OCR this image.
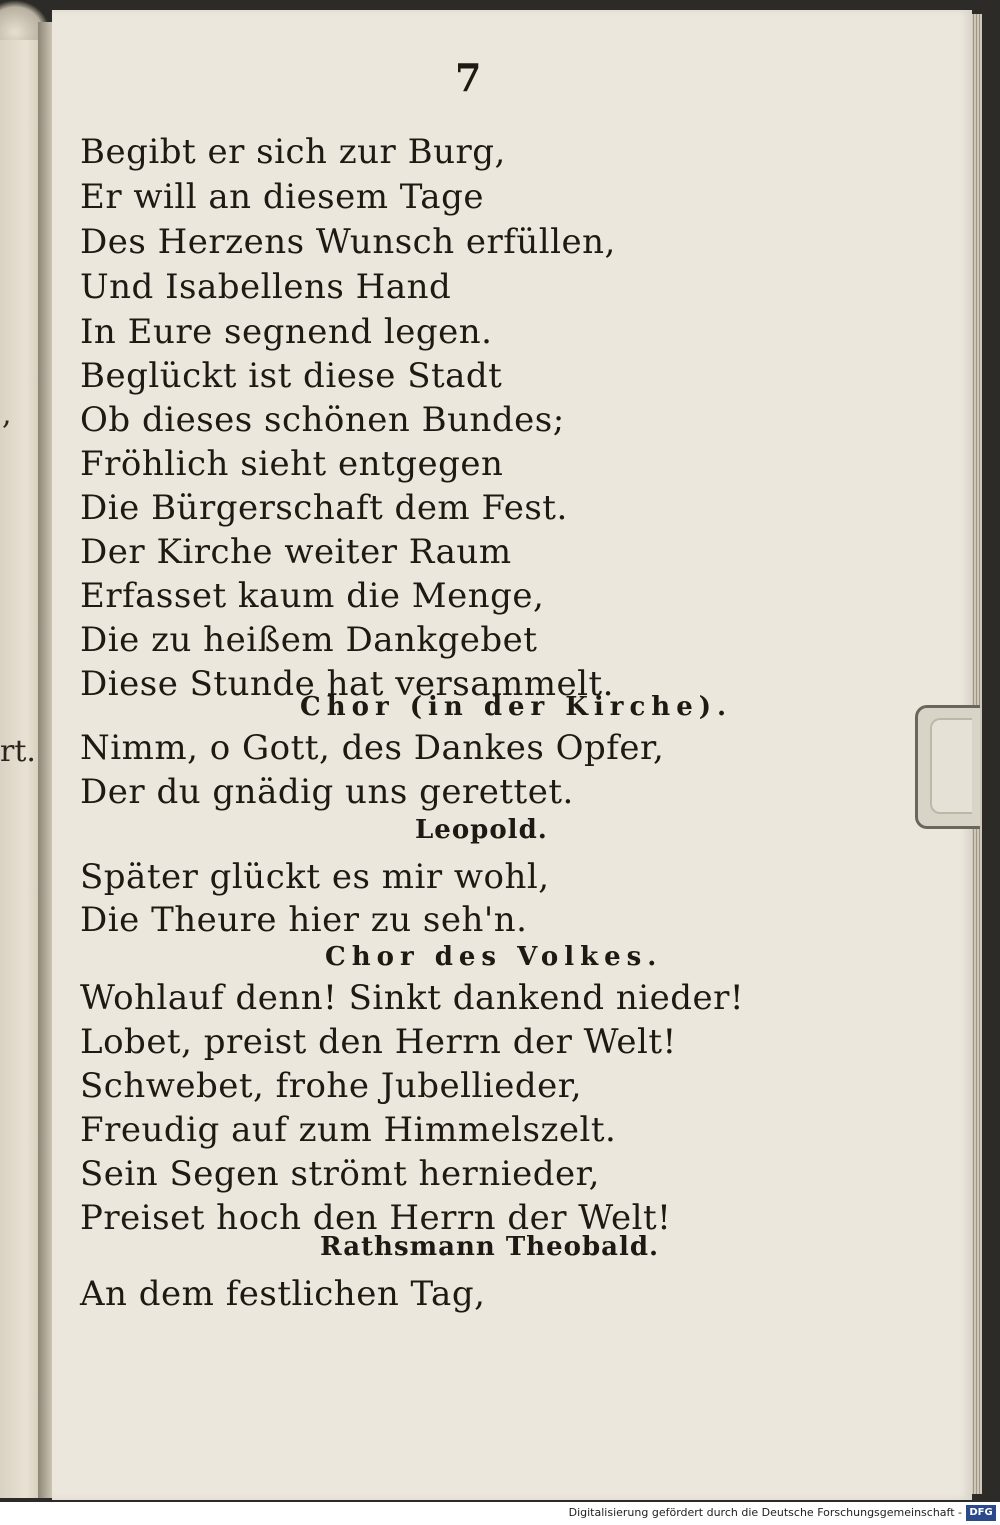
,
rt.
7
Begibt er sich zur Burg,
Er will an diesem Tage
Des Herzens Wunsch erfüllen,
Und Isabellens Hand
In Eure segnend legen.
Beglückt ist diese Stadt
Ob dieses schönen Bundes;
Fröhlich sieht entgegen
Die Bürgerschaft dem Fest.
Der Kirche weiter Raum
Erfasset kaum die Menge,
Die zu heißem Dankgebet
Diese Stunde hat versammelt.
Chor (in der Kirche).
Nimm, o Gott, des Dankes Opfer,
Der du gnädig uns gerettet.
Leopold.
Später glückt es mir wohl,
Die Theure hier zu seh'n.
Chor des Volkes.
Wohlauf denn! Sinkt dankend nieder!
Lobet, preist den Herrn der Welt!
Schwebet, frohe Jubellieder,
Freudig auf zum Himmelszelt.
Sein Segen strömt hernieder,
Preiset hoch den Herrn der Welt!
Rathsmann Theobald.
An dem festlichen Tag,
Digitalisierung gefördert durch die Deutsche Forschungsgemeinschaft - DFG
